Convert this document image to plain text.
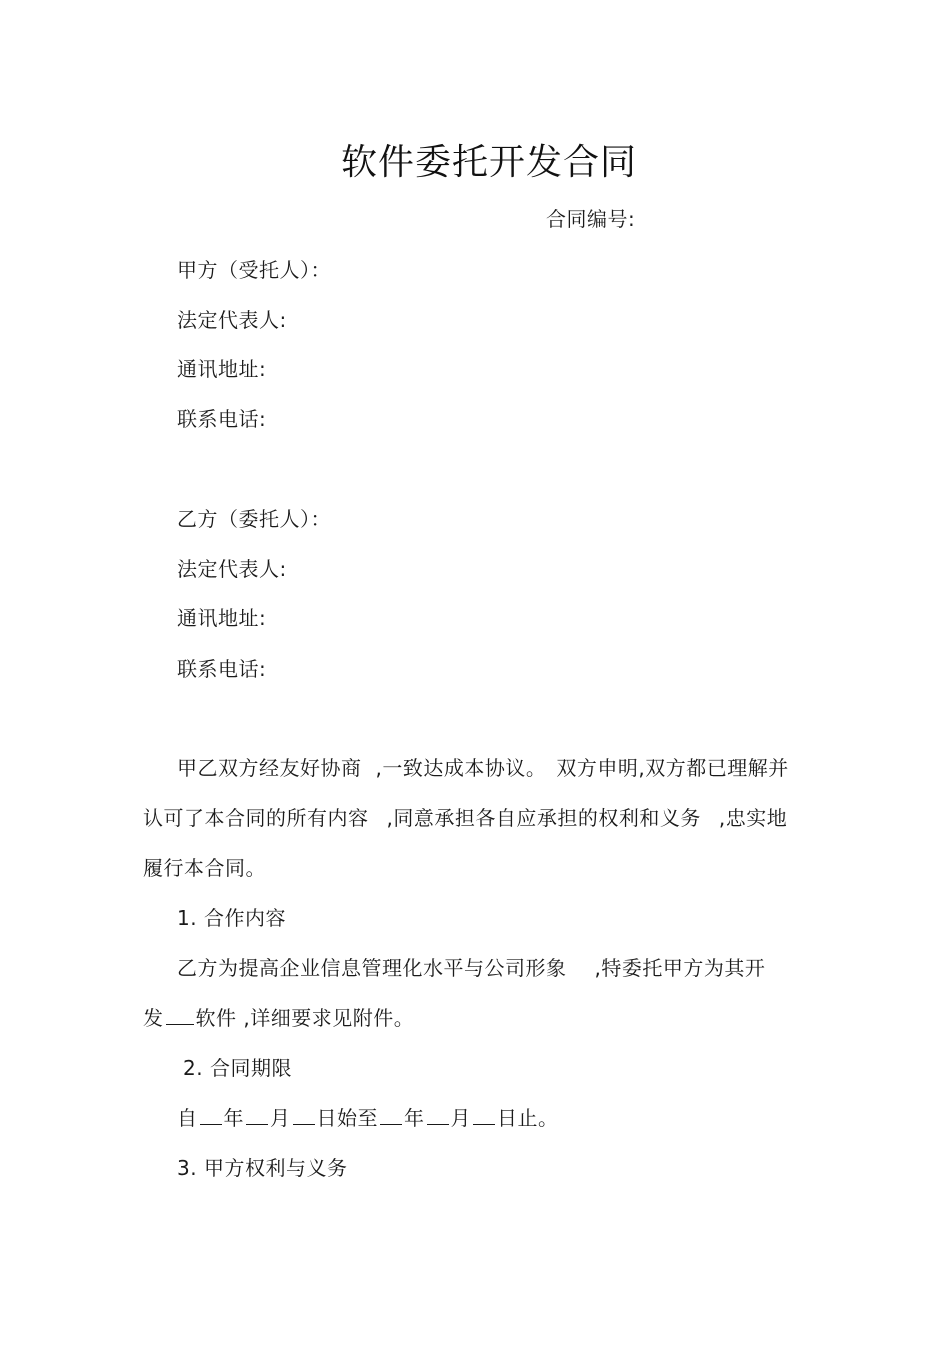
软件委托开发合同
合同编号:
甲方（受托人）：
法定代表人:
通讯地址:
联系电话:
乙方（委托人）：
法定代表人:
通讯地址:
联系电话:
甲乙双方经友好协商 ,一致达成本协议。 双方申明,双方都已理解并
认可了本合同的所有内容 ,同意承担各自应承担的权利和义务 ,忠实地
履行本合同。
1. 合作内容
乙方为提高企业信息管理化水平与公司形象 ,特委托甲方为其开
发 软件 ,详细要求见附件。
2. 合同期限
自 年 月 日始至 年 月 日止。
3. 甲方权利与义务
